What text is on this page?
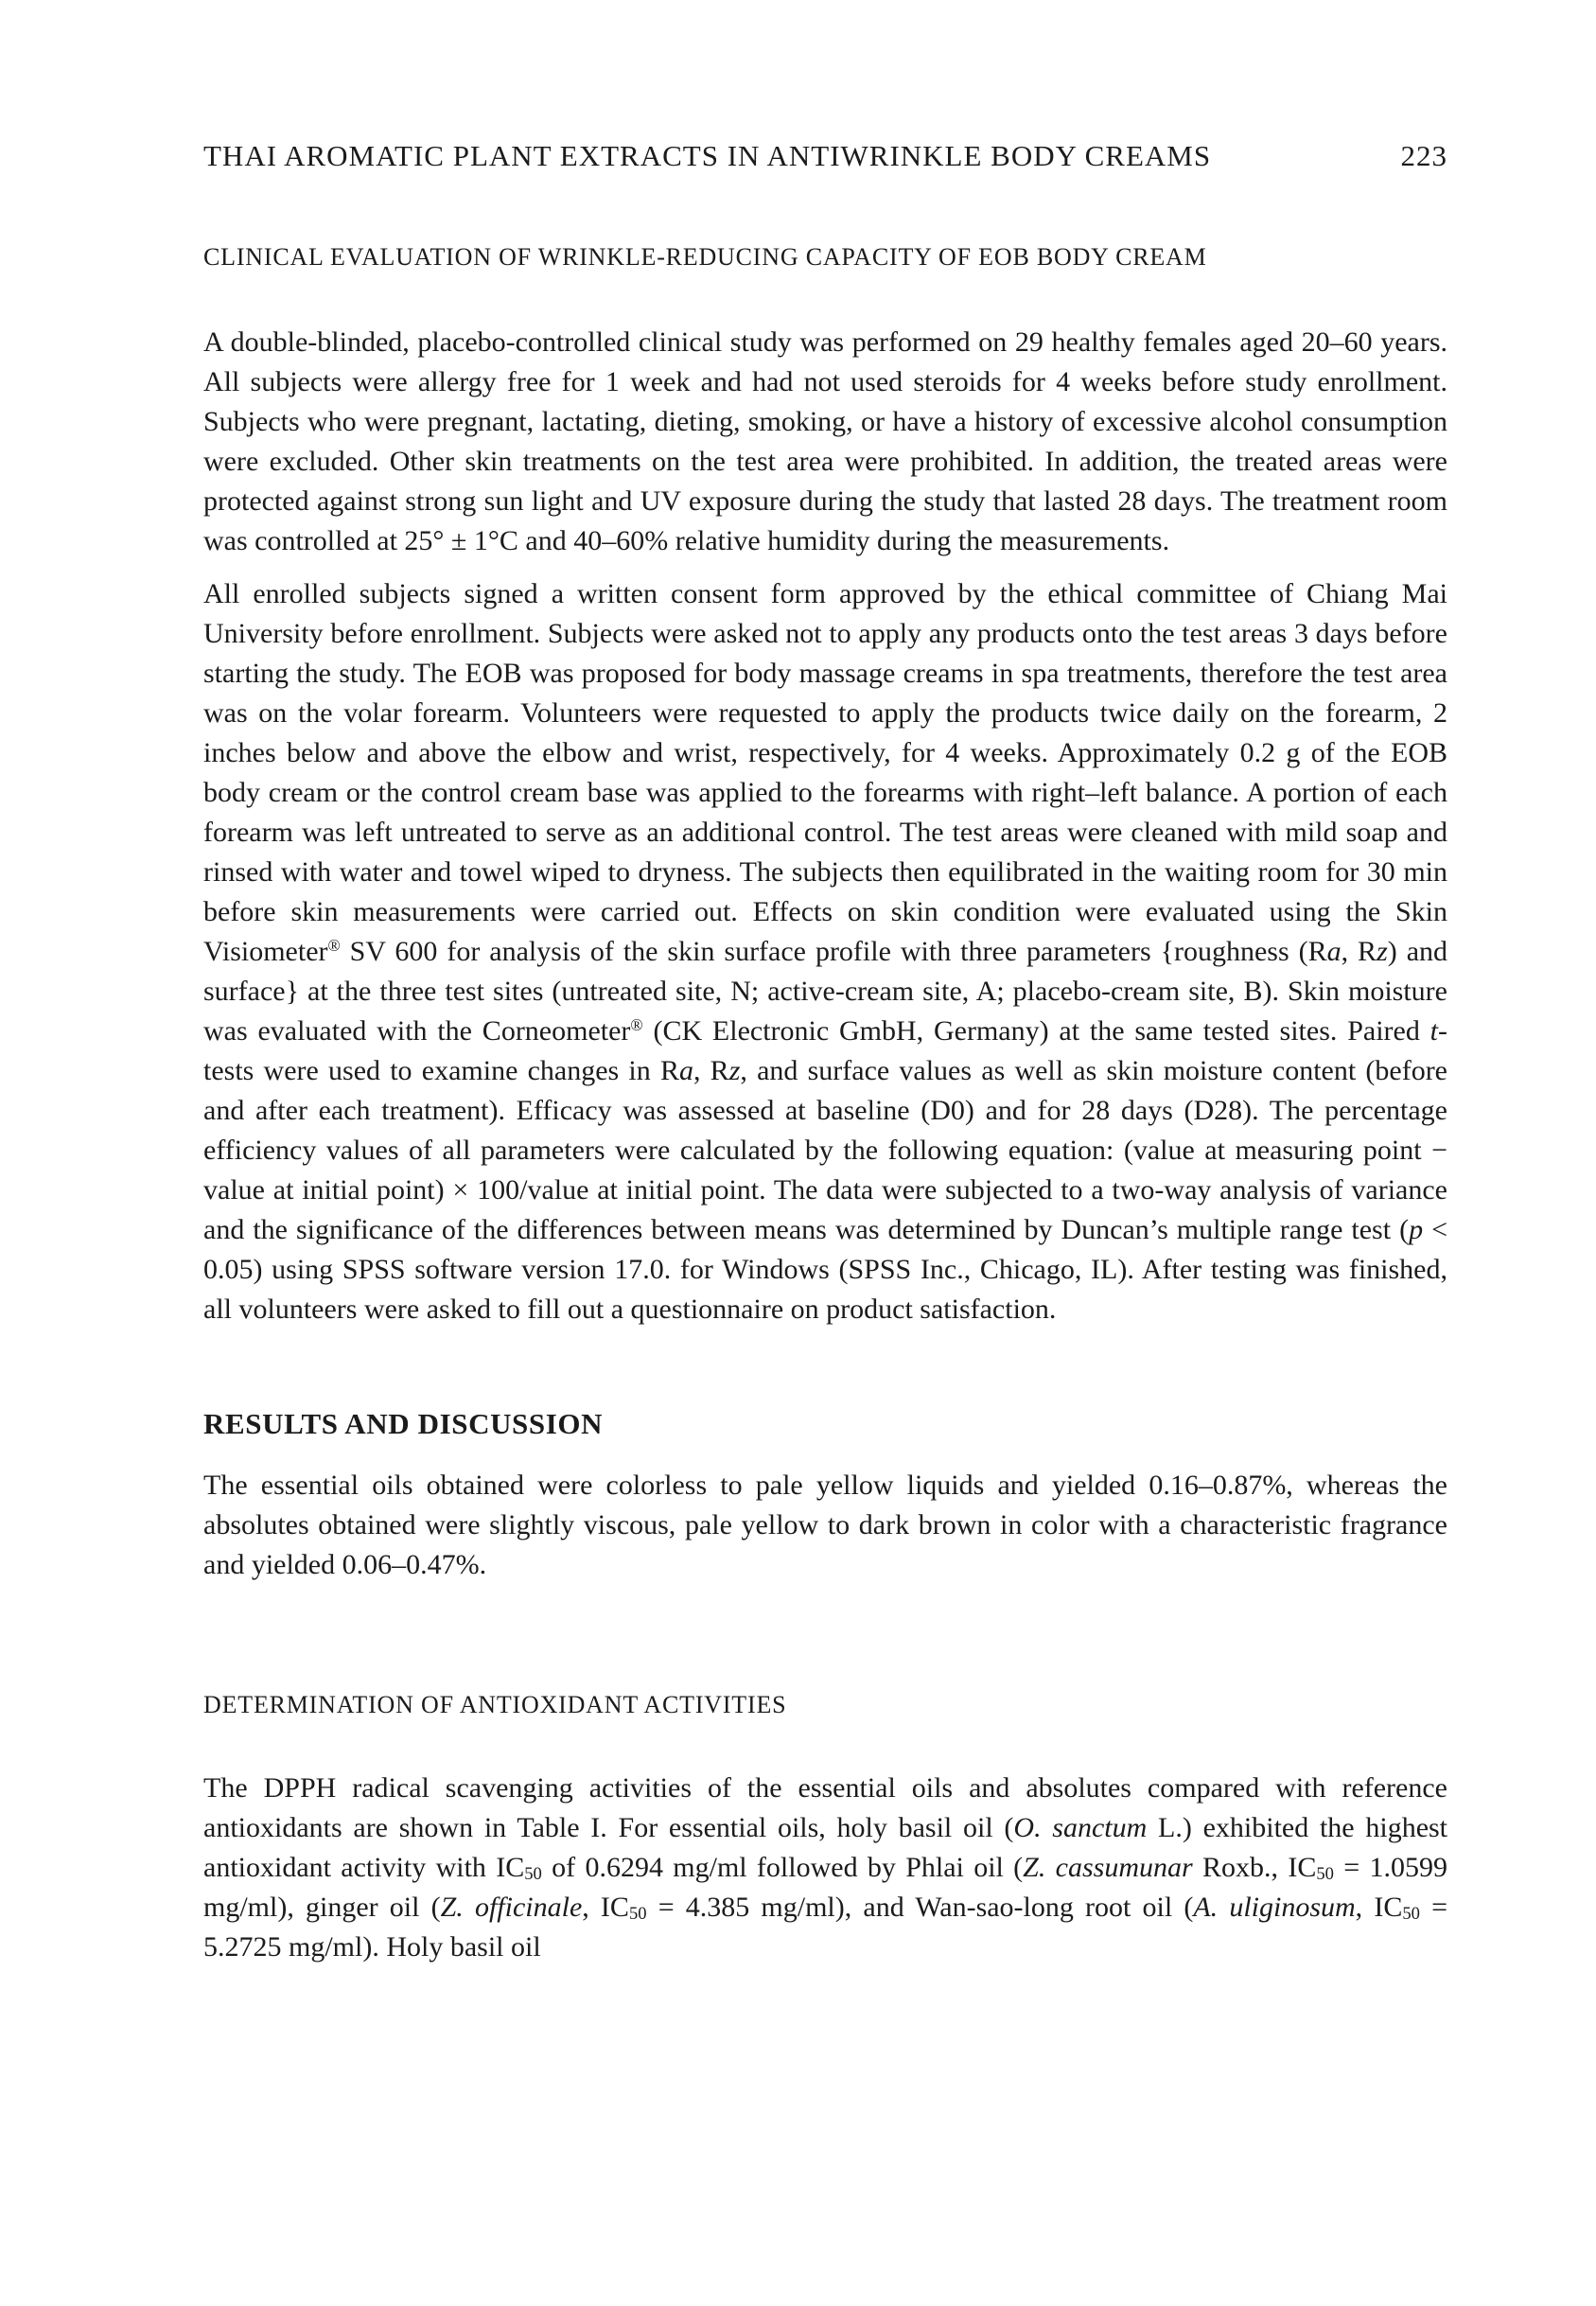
THAI AROMATIC PLANT EXTRACTS IN ANTIWRINKLE BODY CREAMS	223
CLINICAL EVALUATION OF WRINKLE-REDUCING CAPACITY OF EOB BODY CREAM

A double-blinded, placebo-controlled clinical study was performed on 29 healthy females aged 20–60 years. All subjects were allergy free for 1 week and had not used steroids for 4 weeks before study enrollment. Subjects who were pregnant, lactating, dieting, smoking, or have a history of excessive alcohol consumption were excluded. Other skin treatments on the test area were prohibited. In addition, the treated areas were protected against strong sun light and UV exposure during the study that lasted 28 days. The treatment room was controlled at 25° ± 1°C and 40–60% relative humidity during the measurements.

All enrolled subjects signed a written consent form approved by the ethical committee of Chiang Mai University before enrollment. Subjects were asked not to apply any products onto the test areas 3 days before starting the study. The EOB was proposed for body massage creams in spa treatments, therefore the test area was on the volar forearm. Volunteers were requested to apply the products twice daily on the forearm, 2 inches below and above the elbow and wrist, respectively, for 4 weeks. Approximately 0.2 g of the EOB body cream or the control cream base was applied to the forearms with right–left balance. A portion of each forearm was left untreated to serve as an additional control. The test areas were cleaned with mild soap and rinsed with water and towel wiped to dryness. The subjects then equilibrated in the waiting room for 30 min before skin measurements were carried out. Effects on skin condition were evaluated using the Skin Visiometer® SV 600 for analysis of the skin surface profile with three parameters {roughness (Ra, Rz) and surface} at the three test sites (untreated site, N; active-cream site, A; placebo-cream site, B). Skin moisture was evaluated with the Corneometer® (CK Electronic GmbH, Germany) at the same tested sites. Paired t-tests were used to examine changes in Ra, Rz, and surface values as well as skin moisture content (before and after each treatment). Efficacy was assessed at baseline (D0) and for 28 days (D28). The percentage efficiency values of all parameters were calculated by the following equation: (value at measuring point − value at initial point) × 100/value at initial point. The data were subjected to a two-way analysis of variance and the significance of the differences between means was determined by Duncan’s multiple range test (p < 0.05) using SPSS software version 17.0. for Windows (SPSS Inc., Chicago, IL). After testing was finished, all volunteers were asked to fill out a questionnaire on product satisfaction.

RESULTS AND DISCUSSION

The essential oils obtained were colorless to pale yellow liquids and yielded 0.16–0.87%, whereas the absolutes obtained were slightly viscous, pale yellow to dark brown in color with a characteristic fragrance and yielded 0.06–0.47%.

DETERMINATION OF ANTIOXIDANT ACTIVITIES

The DPPH radical scavenging activities of the essential oils and absolutes compared with reference antioxidants are shown in Table I. For essential oils, holy basil oil (O. sanctum L.) exhibited the highest antioxidant activity with $IC_{50}$ of 0.6294 mg/ml followed by Phlai oil (Z. cassumunar Roxb., $IC_{50} = 1.0599$ mg/ml), ginger oil (Z. officinale, $IC_{50} = 4.385$ mg/ml), and Wan-sao-long root oil (A. uliginosum, $IC_{50} = 5.2725$ mg/ml). Holy basil oil
